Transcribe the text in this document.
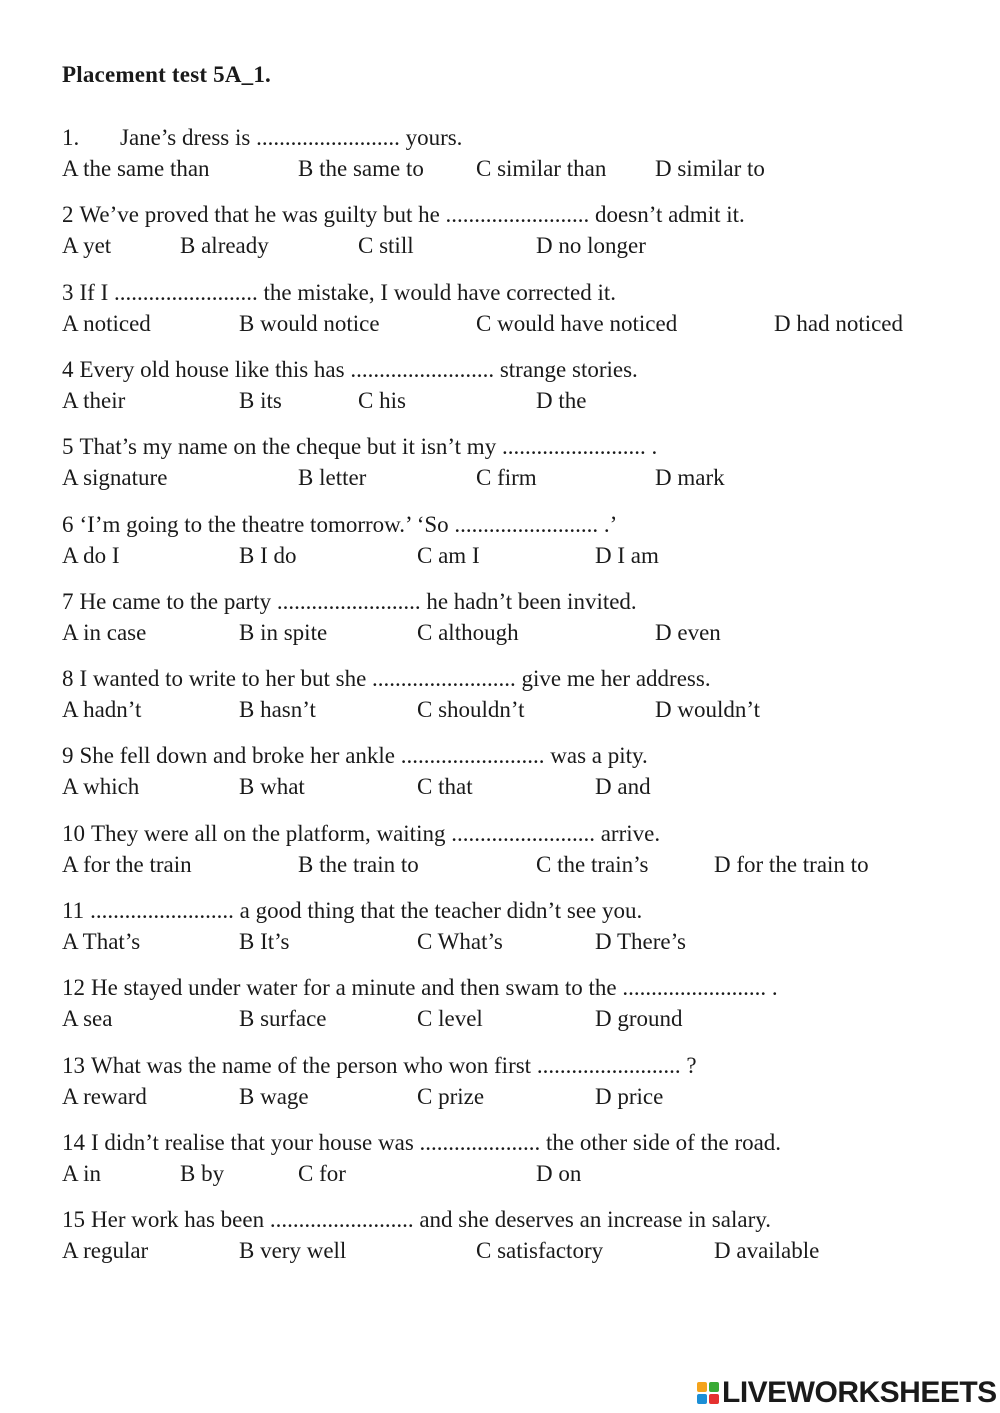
Placement test 5A_1.
1. Jane’s dress is ......................... yours.
A the same than	B the same to C similar than D similar to
2 We’ve proved that he was guilty but he ......................... doesn’t admit it.
A yet	B already	C still	D no longer
3 If I ......................... the mistake, I would have corrected it.
A noticed	B would notice	C would have noticed	D had noticed
4 Every old house like this has ......................... strange stories.
A their	B its	C his	D the
5 That’s my name on the cheque but it isn’t my ......................... .
A signature	B letter	C firm	D mark
6 ‘I’m going to the theatre tomorrow.’ ‘So ......................... .’
A do I	B I do	C am I	D I am
7 He came to the party ......................... he hadn’t been invited.
A in case	B in spite	C although	D even
8 I wanted to write to her but she ......................... give me her address.
A hadn’t	B hasn’t	C shouldn’t	D wouldn’t
9 She fell down and broke her ankle ......................... was a pity.
A which	B what	C that	D and
10 They were all on the platform, waiting ......................... arrive.
A for the train	B the train to	C the train’s	D for the train to
11 ......................... a good thing that the teacher didn’t see you.
A That’s	B It’s	C What’s	D There’s
12 He stayed under water for a minute and then swam to the ......................... .
A sea	B surface	C level	D ground
13 What was the name of the person who won first ......................... ?
A reward	B wage	C prize	D price
14 I didn’t realise that your house was ..................... the other side of the road.
A in	B by	C for	D on
15 Her work has been ......................... and she deserves an increase in salary.
A regular	B very well	C satisfactory	D available
LIVEWORKSHEETS
